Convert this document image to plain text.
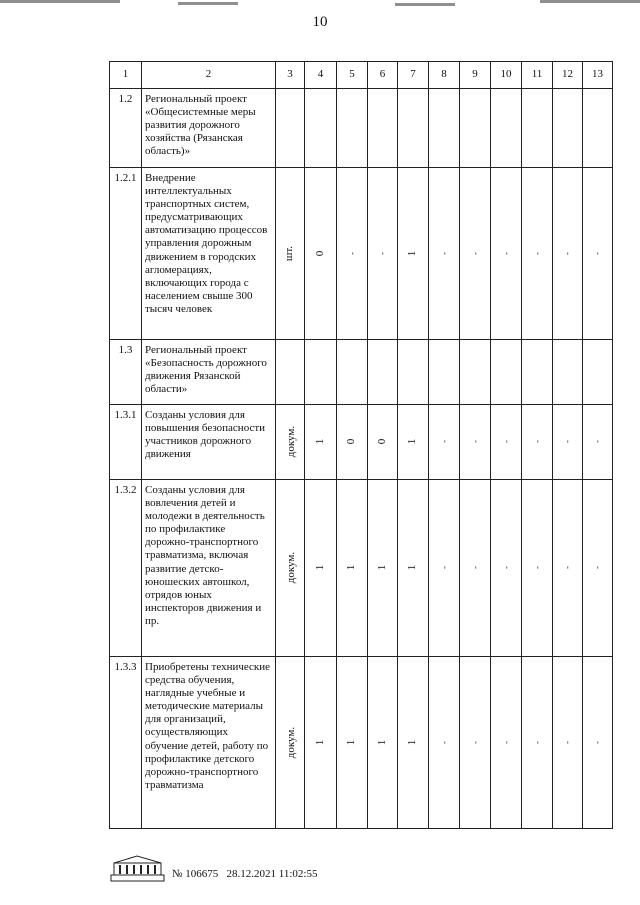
10
1	2	3	4	5	6	7	8	9	10	11	12	13
1.2	Региональный проект «Общесистемные меры развития дорожного хозяйства (Рязанская область)»											
1.2.1	Внедрение интеллектуальных транспортных систем, предусматривающих автоматизацию процессов управления дорожным движением в городских агломерациях, включающих города с населением свыше 300 тысяч человек	шт.	0	-	-	1	-	-	-	-	-	-
1.3	Региональный проект «Безопасность дорожного движения Рязанской области»											
1.3.1	Созданы условия для повышения безопасности участников дорожного движения	докум.	1	0	0	1	-	-	-	-	-	-
1.3.2	Созданы условия для вовлечения детей и молодежи в деятельность по профилактике дорожно-транспортного травматизма, включая развитие детско-юношеских автошкол, отрядов юных инспекторов движения и пр.	докум.	1	1	1	1	-	-	-	-	-	-
1.3.3	Приобретены технические средства обучения, наглядные учебные и методические материалы для организаций, осуществляющих обучение детей, работу по профилактике детского дорожно-транспортного травматизма	докум.	1	1	1	1	-	-	-	-	-	-
№ 106675 28.12.2021 11:02:55
